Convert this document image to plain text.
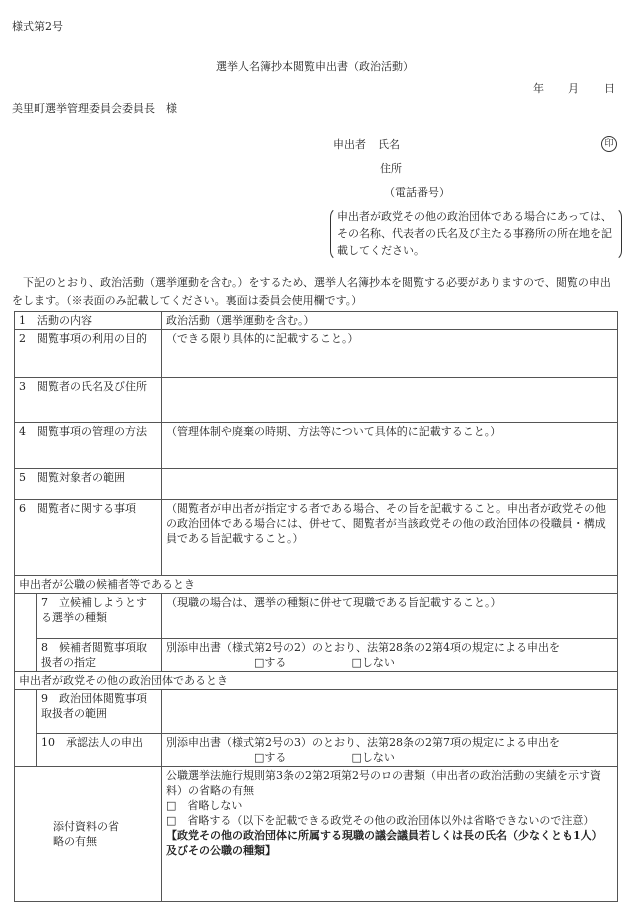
様式第2号
選挙人名簿抄本閲覧申出書（政治活動）
年 月 日
美里町選挙管理委員会委員長　様
申出者 氏名	印
住所
（電話番号）
申出者が政党その他の政治団体である場合にあっては、その名称、代表者の氏名及び主たる事務所の所在地を記載してください。
　下記のとおり、政治活動（選挙運動を含む。）をするため、選挙人名簿抄本を閲覧する必要がありますので、閲覧の申出をします。（※表面のみ記載してください。裏面は委員会使用欄です。）
1　活動の内容		政治活動（選挙運動を含む。）
2　閲覧事項の利用の目的		（できる限り具体的に記載すること。）
3　閲覧者の氏名及び住所		
4　閲覧事項の管理の方法		（管理体制や廃棄の時期、方法等について具体的に記載すること。）
5　閲覧対象者の範囲		
6　閲覧者に関する事項		（閲覧者が申出者が指定する者である場合、その旨を記載すること。申出者が政党その他の政治団体である場合には、併せて、閲覧者が当該政党その他の政治団体の役職員・構成員である旨記載すること。）
申出者が公職の候補者等であるとき		
	7　立候補しようとする選挙の種類	（現職の場合は、選挙の種類に併せて現職である旨記載すること。）
	8　候補者閲覧事項取扱者の指定	別添申出書（様式第2号の2）のとおり、法第28条の2第4項の規定による申出を
□する □しない

申出者が政党その他の政治団体であるとき		
	9　政治団体閲覧事項取扱者の範囲	
	10　承認法人の申出	別添申出書（様式第2号の3）のとおり、法第28条の2第7項の規定による申出を
□する □しない

添付資料の省略の有無		公職選挙法施行規則第3条の2第2項第2号のロの書類（申出者の政治活動の実績を示す資料）の省略の有無
□　省略しない
□　省略する（以下を記載できる政党その他の政治団体以外は省略できないので注意）
【政党その他の政治団体に所属する現職の議会議員若しくは長の氏名（少なくとも1人）及びその公職の種類】
